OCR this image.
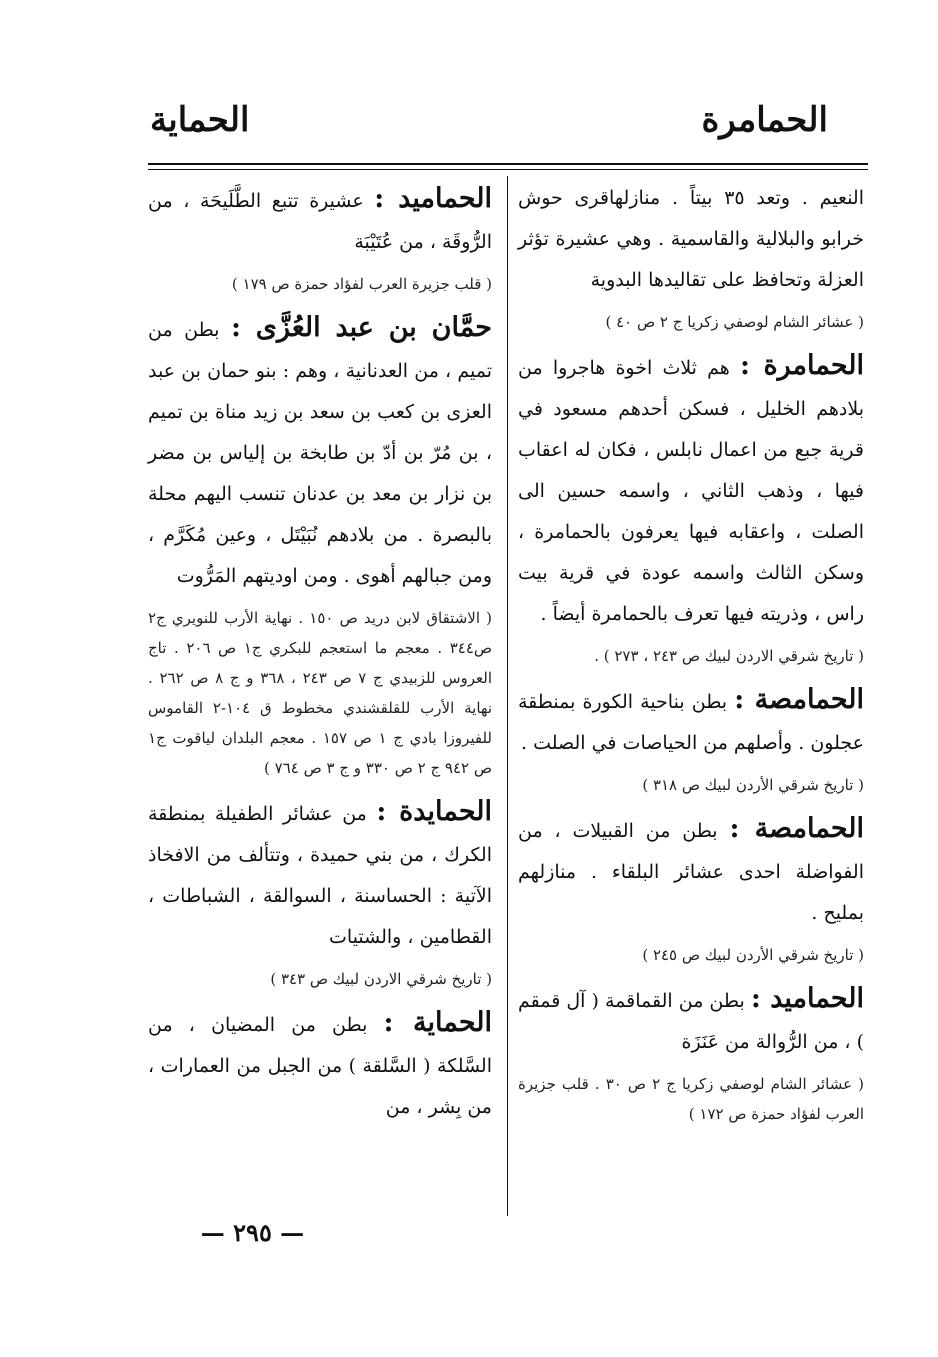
الحمامرة
الحماية
النعيم . وتعد ٣٥ بيتاً . منازلهاقرى حوش خرابو والبلالية والقاسمية . وهي عشيرة تؤثر العزلة وتحافظ على تقاليدها البدوية
( عشائر الشام لوصفي زكريا ج ٢ ص ٤٠ )
الحمامرة : هم ثلاث اخوة هاجروا من بلادهم الخليل ، فسكن أحدهم مسعود في قرية جبع من اعمال نابلس ، فكان له اعقاب فيها ، وذهب الثاني ، واسمه حسين الى الصلت ، واعقابه فيها يعرفون بالحمامرة ، وسكن الثالث واسمه عودة في قرية بيت راس ، وذريته فيها تعرف بالحمامرة أيضاً .
( تاريخ شرقي الاردن لبيك ص ٢٤٣ ، ٢٧٣ ) .
الحمامصة : بطن بناحية الكورة بمنطقة عجلون . وأصلهم من الحياصات في الصلت .
( تاريخ شرقي الأردن لبيك ص ٣١٨ )
الحمامصة : بطن من القبيلات ، من الفواضلة احدى عشائر البلقاء . منازلهم بمليح .
( تاريخ شرقي الأردن لبيك ص ٢٤٥ )
الحماميد : بطن من القماقمة ( آل قمقم ) ، من الرُّوالة من عَنَزَة
( عشائر الشام لوصفي زكريا ج ٢ ص ٣٠ . قلب جزيرة العرب لفؤاد حمزة ص ١٧٢ )
الحماميد : عشيرة تتبع الطَّلَيحَة ، من الرُّوقَة ، من عُتَيْبَة
( قلب جزيرة العرب لفؤاد حمزة ص ١٧٩ )
حمَّان بن عبد العُزَّى : بطن من تميم ، من العدنانية ، وهم : بنو حمان بن عبد العزى بن كعب بن سعد بن زيد مناة بن تميم ، بن مُرّ بن أدّ بن طابخة بن إلياس بن مضر بن نزار بن معد بن عدنان تنسب اليهم محلة بالبصرة . من بلادهم نُبَيْتَل ، وعين مُكَرَّم ، ومن جبالهم أهوى . ومن اوديتهم المَرُّوت
( الاشتقاق لابن دريد ص ١٥٠ . نهاية الأرب للنويري ج٢ ص٣٤٤ . معجم ما استعجم للبكري ج١ ص ٢٠٦ . تاج العروس للزبيدي ج ٧ ص ٢٤٣ ، ٣٦٨ و ج ٨ ص ٢٦٢ . نهاية الأرب للقلقشندي مخطوط ق ١٠٤-٢ القاموس للفيروزا بادي ج ١ ص ١٥٧ . معجم البلدان لياقوت ج١ ص ٩٤٢ ج ٢ ص ٣٣٠ و ج ٣ ص ٧٦٤ )
الحمايدة : من عشائر الطفيلة بمنطقة الكرك ، من بني حميدة ، وتتألف من الافخاذ الآتية : الحساسنة ، السوالقة ، الشباطات ، القطامين ، والشتيات
( تاريخ شرقي الاردن لبيك ص ٣٤٣ )
الحماية : بطن من المضيان ، من السَّلكة ( السَّلقة ) من الجبل من العمارات ، من بِشر ، من
— ٢٩٥ —
